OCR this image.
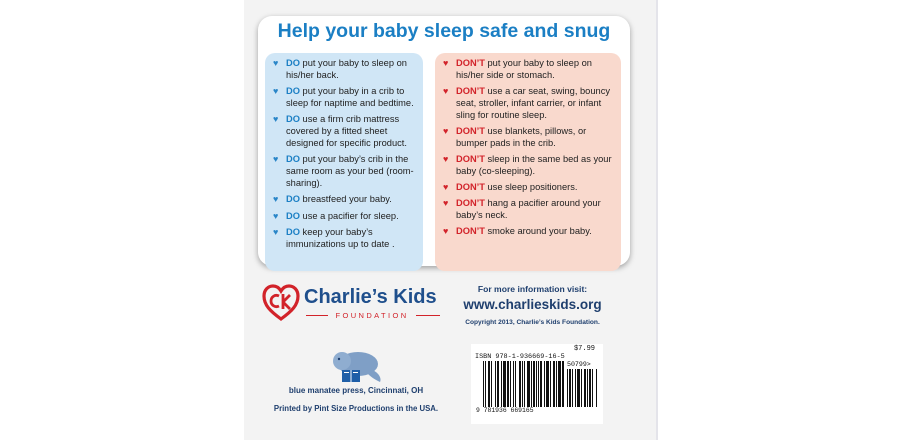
Help your baby sleep safe and snug
♥ DO put your baby to sleep on his/her back.
♥ DO put your baby in a crib to sleep for naptime and bedtime.
♥ DO use a firm crib mattress covered by a fitted sheet designed for specific product.
♥ DO put your baby’s crib in the same room as your bed (room-sharing).
♥ DO breastfeed your baby.
♥ DO use a pacifier for sleep.
♥ DO keep your baby’s immunizations up to date .
♥ DON’T put your baby to sleep on his/her side or stomach.
♥ DON’T use a car seat, swing, bouncy seat, stroller, infant carrier, or infant sling for routine sleep.
♥ DON’T use blankets, pillows, or bumper pads in the crib.
♥ DON’T sleep in the same bed as your baby (co-sleeping).
♥ DON’T use sleep positioners.
♥ DON’T hang a pacifier around your baby’s neck.
♥ DON’T smoke around your baby.
Charlie’s Kids
FOUNDATION
For more information visit:
www.charlieskids.org
Copyright 2013, Charlie’s Kids Foundation.
blue manatee press, Cincinnati, OH
Printed by Pint Size Productions in the USA.
$7.99
ISBN 978-1-936669-16-5
50799>
9 781936 669165
